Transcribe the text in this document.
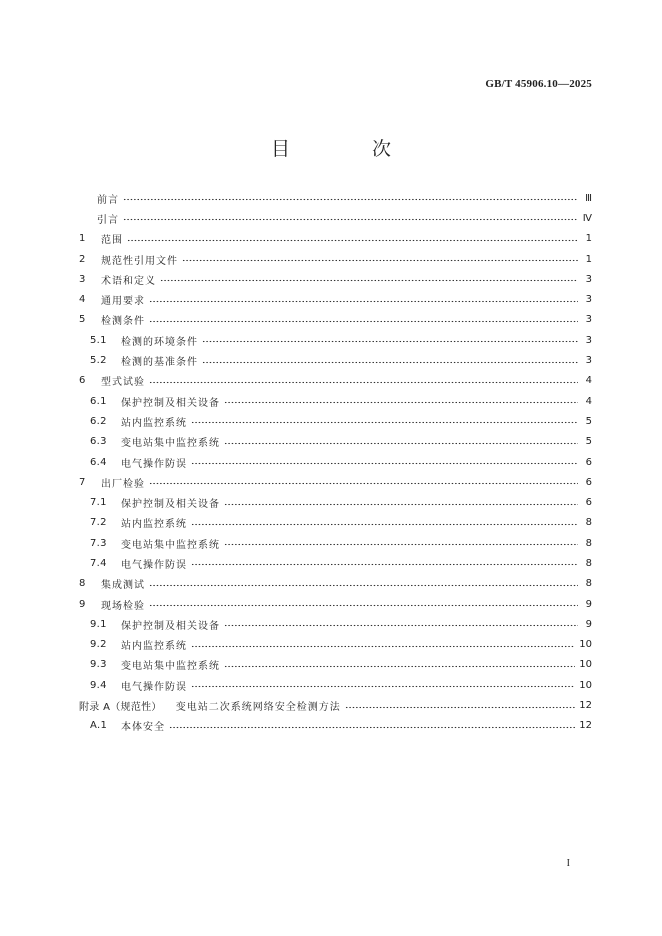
GB/T 45906.10—2025
目 次
前言	Ⅲ
引言	Ⅳ
1	范围	1
2	规范性引用文件	1
3	术语和定义	3
4	通用要求	3
5	检测条件	3
5.1	检测的环境条件	3
5.2	检测的基准条件	3
6	型式试验	4
6.1	保护控制及相关设备	4
6.2	站内监控系统	5
6.3	变电站集中监控系统	5
6.4	电气操作防误	6
7	出厂检验	6
7.1	保护控制及相关设备	6
7.2	站内监控系统	8
7.3	变电站集中监控系统	8
7.4	电气操作防误	8
8	集成测试	8
9	现场检验	9
9.1	保护控制及相关设备	9
9.2	站内监控系统	10
9.3	变电站集中监控系统	10
9.4	电气操作防误	10
附录 A（规范性）	变电站二次系统网络安全检测方法	12
A.1	本体安全	12
I
